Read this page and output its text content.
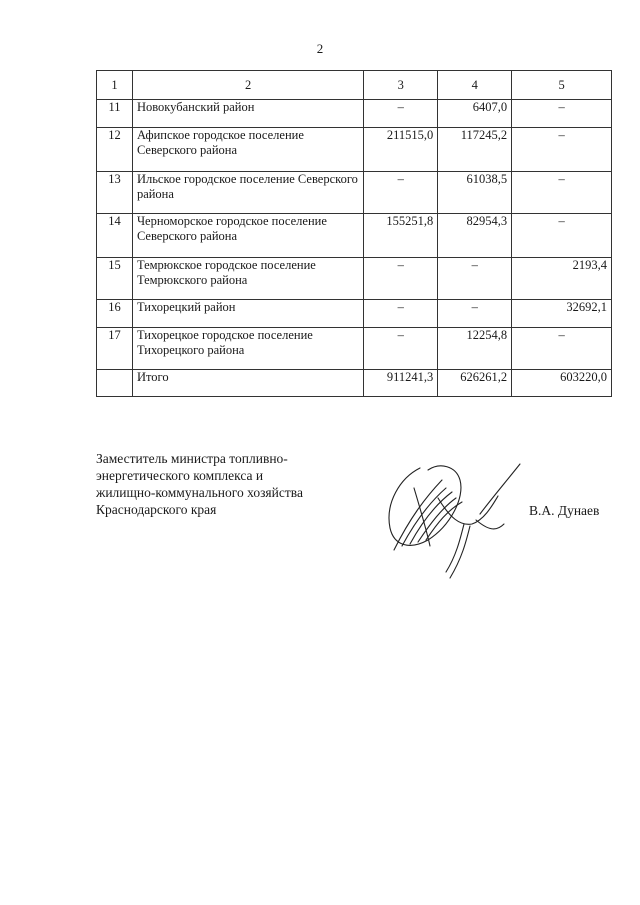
2
1	2	3	4	5
11	Новокубанский район	–	6407,0	–
12	Афипское городское поселение Северского района	211515,0	117245,2	–
13	Ильское городское поселение Северского района	–	61038,5	–
14	Черноморское городское поселение Северского района	155251,8	82954,3	–
15	Темрюкское городское поселение Темрюкского района	–	–	2193,4
16	Тихорецкий район	–	–	32692,1
17	Тихорецкое городское поселение Тихорецкого района	–	12254,8	–
	Итого	911241,3	626261,2	603220,0
Заместитель министра топливно-
энергетического комплекса и
жилищно-коммунального хозяйства
Краснодарского края	В.А. Дунаев
